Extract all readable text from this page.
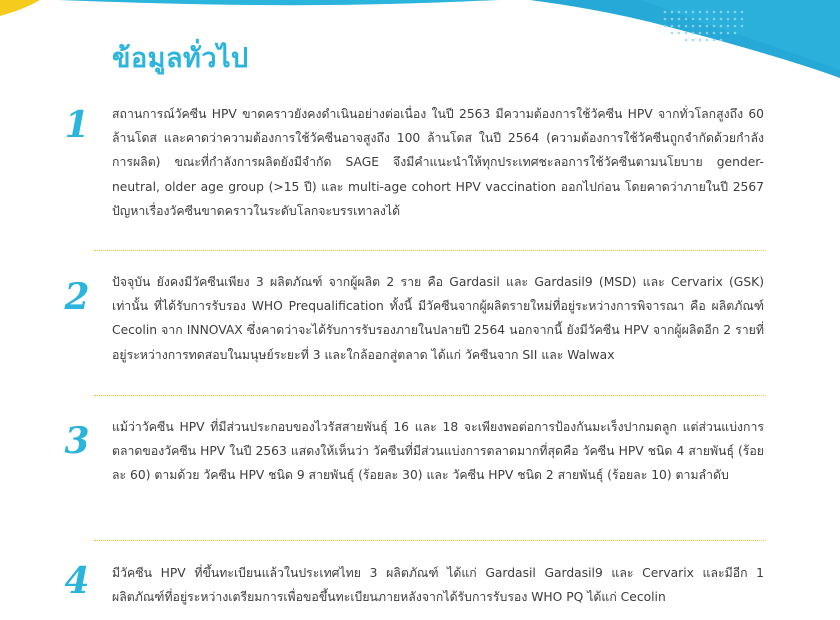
ข้อมูลทั่วไป
1 สถานการณ์วัคซีน HPV ขาดคราวยังคงดำเนินอย่างต่อเนื่อง ในปี 2563 มีความต้องการใช้วัคซีน HPV จากทั่วโลกสูงถึง 60 ล้านโดส และคาดว่าความต้องการใช้วัคซีนอาจสูงถึง 100 ล้านโดส ในปี 2564 (ความต้องการใช้วัคซีนถูกจำกัดด้วยกำลังการผลิต) ขณะที่กำลังการผลิตยังมีจำกัด SAGE จึงมีคำแนะนำให้ทุกประเทศชะลอการใช้วัคซีนตามนโยบาย gender-neutral, older age group (>15 ปี) และ multi-age cohort HPV vaccination ออกไปก่อน โดยคาดว่าภายในปี 2567 ปัญหาเรื่องวัคซีนขาดคราวในระดับโลกจะบรรเทาลงได้

2 ปัจจุบัน ยังคงมีวัคซีนเพียง 3 ผลิตภัณฑ์ จากผู้ผลิต 2 ราย คือ Gardasil และ Gardasil9 (MSD) และ Cervarix (GSK) เท่านั้น ที่ได้รับการรับรอง WHO Prequalification ทั้งนี้ มีวัคซีนจากผู้ผลิตรายใหม่ที่อยู่ระหว่างการพิจารณา คือ ผลิตภัณฑ์ Cecolin จาก INNOVAX ซึ่งคาดว่าจะได้รับการรับรองภายในปลายปี 2564 นอกจากนี้ ยังมีวัคซีน HPV จากผู้ผลิตอีก 2 รายที่อยู่ระหว่างการทดสอบในมนุษย์ระยะที่ 3 และใกล้ออกสู่ตลาด ได้แก่ วัคซีนจาก SII และ Walwax

3 แม้ว่าวัคซีน HPV ที่มีส่วนประกอบของไวรัสสายพันธุ์ 16 และ 18 จะเพียงพอต่อการป้องกันมะเร็งปากมดลูก แต่ส่วนแบ่งการตลาดของวัคซีน HPV ในปี 2563 แสดงให้เห็นว่า วัคซีนที่มีส่วนแบ่งการตลาดมากที่สุดคือ วัคซีน HPV ชนิด 4 สายพันธุ์ (ร้อยละ 60) ตามด้วย วัคซีน HPV ชนิด 9 สายพันธุ์ (ร้อยละ 30) และ วัคซีน HPV ชนิด 2 สายพันธุ์ (ร้อยละ 10) ตามลำดับ

4 มีวัคซีน HPV ที่ขึ้นทะเบียนแล้วในประเทศไทย 3 ผลิตภัณฑ์ ได้แก่ Gardasil Gardasil9 และ Cervarix และมีอีก 1 ผลิตภัณฑ์ที่อยู่ระหว่างเตรียมการเพื่อขอขึ้นทะเบียนภายหลังจากได้รับการรับรอง WHO PQ ได้แก่ Cecolin
